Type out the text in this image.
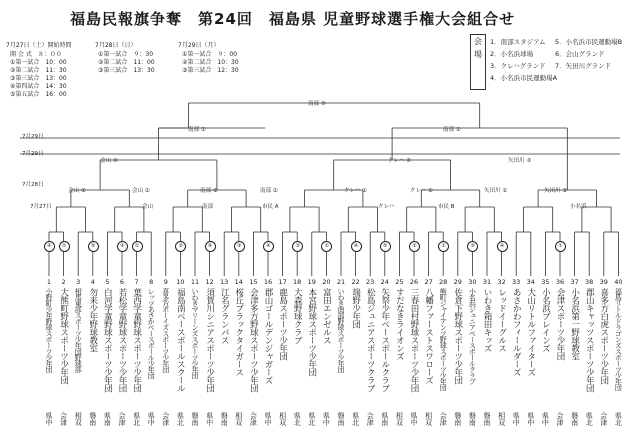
福島民報旗争奪　第24回　福島県 児童野球選手権大会組合せ
7月27日（土）開始時間
開 会 式　８：００
①第一試合　10：00
②第二試合　11：30
③第三試合　13：00
④第四試合　14：30
⑤第五試合　16：00
7月28日（日）
①第一試合　９：30
②第二試合　11：00
③第三試合　13：30
7月29日（月）
①第一試合　９：00
②第二試合　10：30
③第三試合　12：30
会場
1．南部スタジアム
2．小名浜球場
3．クレハグランド
4．小名浜市民運動場A
5．小名浜市民運動場B
6．会山グランド
7．矢田川グランド
7月29日
7月29日
7月28日
7月27日
南部 ③
南部 ①	南部 ②
会山 ③	クレハ ③	矢田川 ③
会山 ①	会山 ②	南部 ①	南部 ②	クレハ ①	クレハ ②	矢田川 ①	矢田川 ②
会山	南部	市民 A	クレハ	市民 B	小名浜
④	①	⑤	④	①	②	④	③	④	③	①	④	⑤	②	①	②	④	①
1
小野町少年野球スポーツ少年団
県中
2
大熊町野球スポーツ少年団
会津
3
相馬東部スポーツ少年団野球部
相双
4
勿来少年野球教室
磐南
5
白河学童野球スポーツ少年団
県南
6
若松学童野球スポーツ少年団
会津
7
葉西学童野球スポーツ少年団
県北
8
レッツあさかベースボール少年団
県中
9
喜多方ボーイズスポーツ少年団
会津
10
福島南ベースボールスクール
県北
11
いわきマリーンズスポーツ少年団
磐南
12
須賀川シニアスポーツ少年団
県中
13
江名グランパス
磐南
14
桜丘ブラックタイガース
相双
15
会津多方野球スポーツ少年団
会津
16
郡山ゴールデンジャガーズ
県中
17
鹿島スポーツ少年団
相双
18
大森野球クラブ
県北
19
本宮野球スポーツ少年団
県北
20
富田エンゼルス
県中
21
いわき南部野球スポーツ少年団
磐南
22
瑞野少年団
県北
23
松島ジュニアスポーツクラブ
会津
24
矢祭少年ベースボールクラブ
県南
25
すだなきライオンズ
相双
26
三春田村野球スポーツ少年団
県中
27
八幡ファーストスワローズ
相双
28
熊町ジャイアンツ野球スポーツ少年団
会津
29
佐倉下野球スポーツ少年団
磐南
30
小名浜ジュニアベースボールクラブ
磐南
31
いわき箱田キッズ
磐南
32
レッドイーグルス
相双
33
あさかわフィールダーズ
県中
34
大山リトルファイターズ
県中
35
小名浜ブレインズ
県中
36
会津スポーツ少年団
会津
37
小名浜第一野球教室
磐南
38
郡山キャッツスポーツ少年団
県北
39
喜多方白虎スポーツ少年団
会津
40
福島リトルドラゴンズスポーツ少年団
県北
